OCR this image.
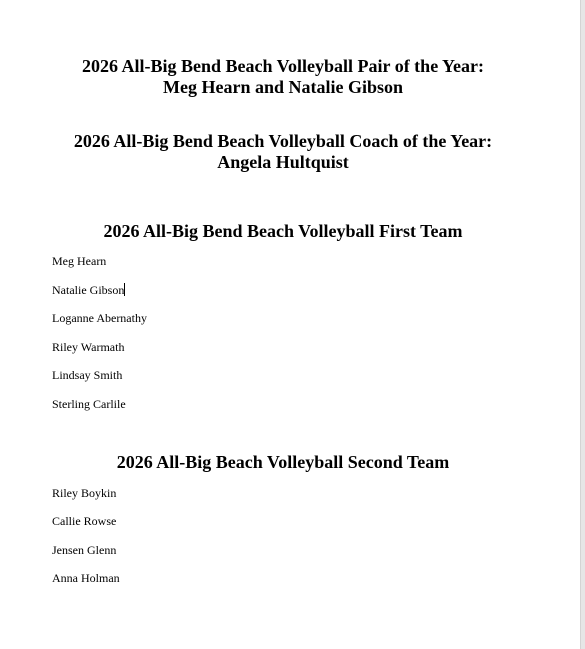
2026 All-Big Bend Beach Volleyball Pair of the Year:
Meg Hearn and Natalie Gibson
2026 All-Big Bend Beach Volleyball Coach of the Year:
Angela Hultquist
2026 All-Big Bend Beach Volleyball First Team
Meg Hearn
Natalie Gibson
Loganne Abernathy
Riley Warmath
Lindsay Smith
Sterling Carlile
2026 All-Big Beach Volleyball Second Team
Riley Boykin
Callie Rowse
Jensen Glenn
Anna Holman
